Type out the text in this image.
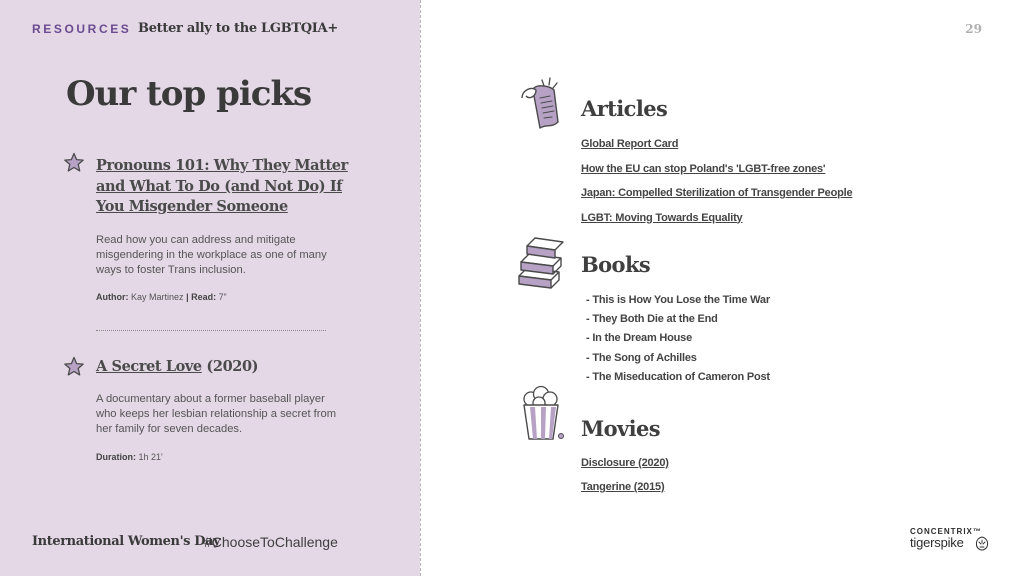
RESOURCES Better ally to the LGBTQIA+	29
Our top picks
Pronouns 101: Why They Matter
and What To Do (and Not Do) If
You Misgender Someone
Read how you can address and mitigate misgendering in the workplace as one of many ways to foster Trans inclusion.
Author: Kay Martinez | Read: 7”
A Secret Love (2020)
A documentary about a former baseball player who keeps her lesbian relationship a secret from her family for seven decades.
Duration: 1h 21'
International Women's Day
#ChooseToChallenge
Articles
Global Report Card
How the EU can stop Poland's 'LGBT-free zones'
Japan: Compelled Sterilization of Transgender People
LGBT: Moving Towards Equality
Books
- This is How You Lose the Time War
- They Both Die at the End
- In the Dream House
- The Song of Achilles
- The Miseducation of Cameron Post
Movies
Disclosure (2020)
Tangerine (2015)
CONCENTRIX™
tigerspike
